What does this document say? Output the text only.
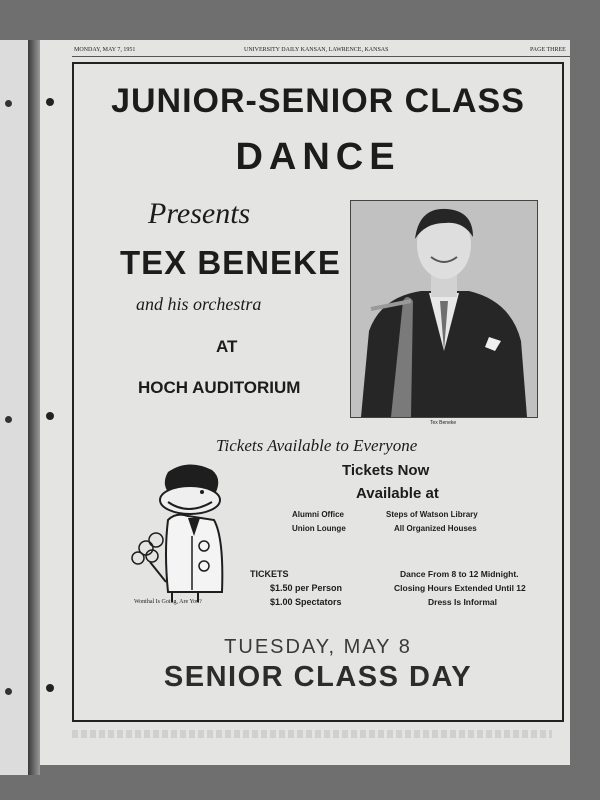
MONDAY, MAY 7, 1951	UNIVERSITY DAILY KANSAN, LAWRENCE, KANSAS	PAGE THREE
JUNIOR-SENIOR CLASS
DANCE
Presents
TEX BENEKE
and his orchestra
AT
HOCH AUDITORIUM
Tex Beneke
Tickets Available to Everyone
Tickets Now
Available at
Alumni Office
Union Lounge
Steps of Watson Library
All Organized Houses
Wonthal Is Going, Are You?
TICKETS
$1.50 per Person
$1.00 Spectators
Dance From 8 to 12 Midnight.
Closing Hours Extended Until 12
Dress Is Informal
TUESDAY, MAY 8
SENIOR CLASS DAY
